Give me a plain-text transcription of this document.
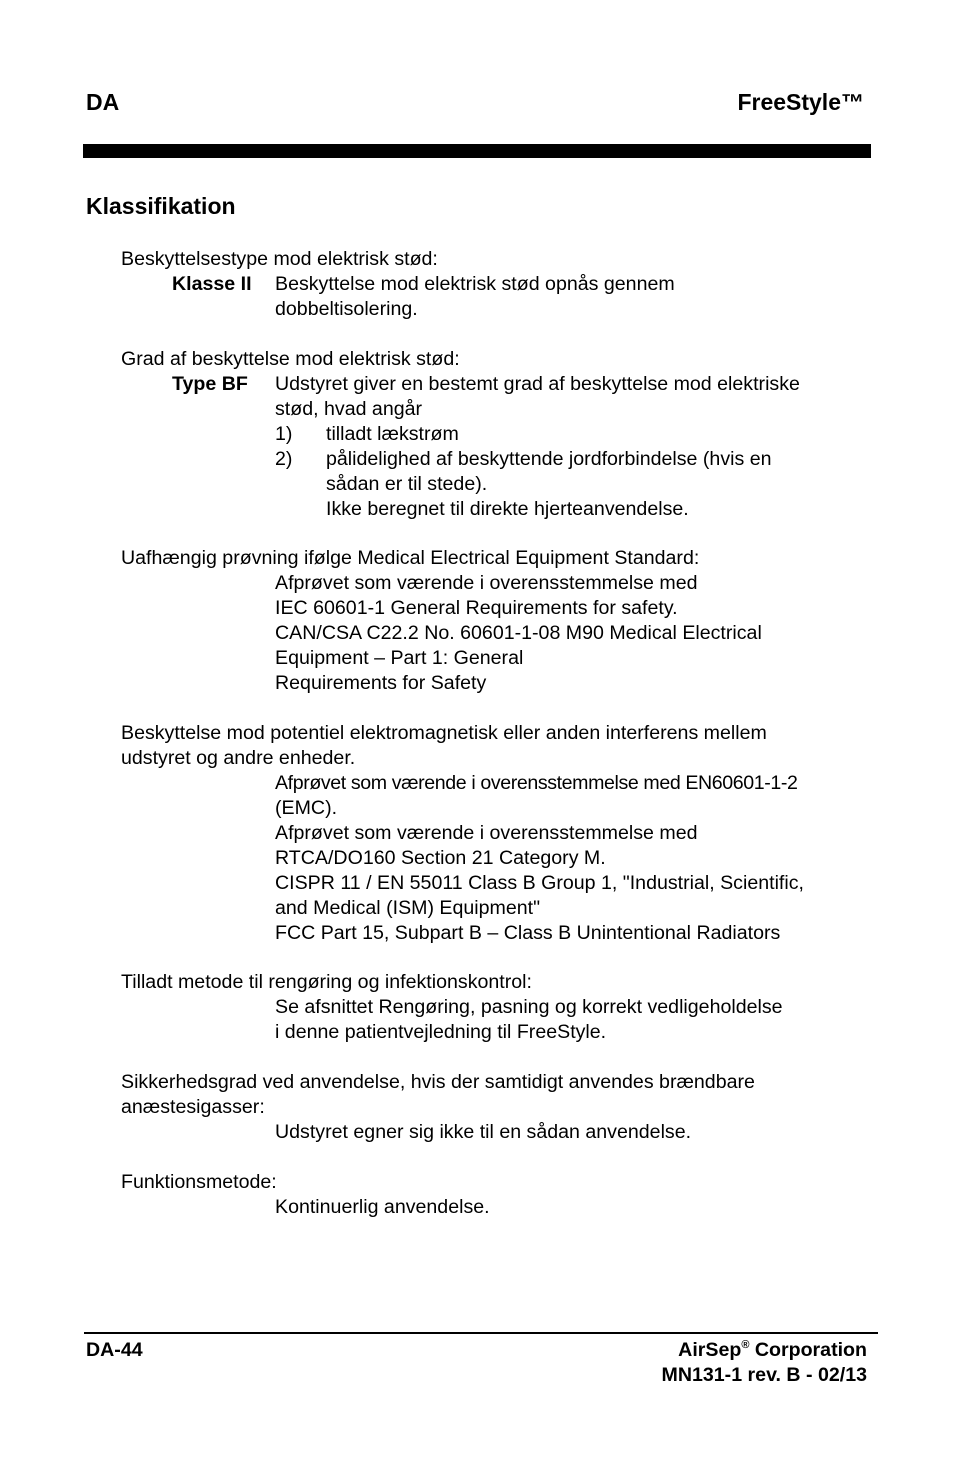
DA	FreeStyle™
Klassifikation
Beskyttelsestype mod elektrisk stød:
Klasse II Beskyttelse mod elektrisk stød opnås gennem
dobbeltisolering.
Grad af beskyttelse mod elektrisk stød:
Type BF Udstyret giver en bestemt grad af beskyttelse mod elektriske
stød, hvad angår
1) tilladt lækstrøm
2) pålidelighed af beskyttende jordforbindelse (hvis en
sådan er til stede).
Ikke beregnet til direkte hjerteanvendelse.
Uafhængig prøvning ifølge Medical Electrical Equipment Standard:
Afprøvet som værende i overensstemmelse med
IEC 60601-1 General Requirements for safety.
CAN/CSA C22.2 No. 60601-1-08 M90 Medical Electrical
Equipment – Part 1: General
Requirements for Safety
Beskyttelse mod potentiel elektromagnetisk eller anden interferens mellem
udstyret og andre enheder.
Afprøvet som værende i overensstemmelse med EN60601-1-2
(EMC).
Afprøvet som værende i overensstemmelse med
RTCA/DO160 Section 21 Category M.
CISPR 11 / EN 55011 Class B Group 1, "Industrial, Scientific,
and Medical (ISM) Equipment"
FCC Part 15, Subpart B – Class B Unintentional Radiators
Tilladt metode til rengøring og infektionskontrol:
Se afsnittet Rengøring, pasning og korrekt vedligeholdelse
i denne patientvejledning til FreeStyle.
Sikkerhedsgrad ved anvendelse, hvis der samtidigt anvendes brændbare
anæstesigasser:
Udstyret egner sig ikke til en sådan anvendelse.
Funktionsmetode:
Kontinuerlig anvendelse.
DA-44	AirSep® Corporation
MN131-1 rev. B - 02/13
